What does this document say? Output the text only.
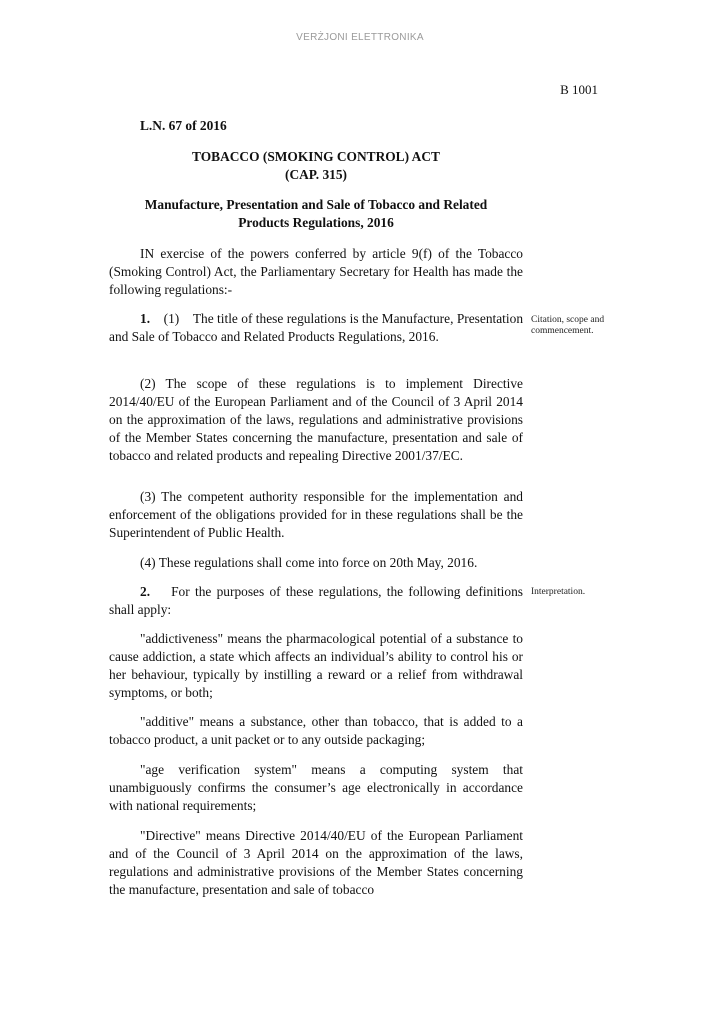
VERŻJONI ELETTRONIKA
B 1001
L.N. 67 of 2016
TOBACCO (SMOKING CONTROL) ACT
(CAP. 315)
Manufacture, Presentation and Sale of Tobacco and Related
Products Regulations, 2016

IN exercise of the powers conferred by article 9(f) of the Tobacco (Smoking Control) Act, the Parliamentary Secretary for Health has made the following regulations:-

1. (1) The title of these regulations is the Manufacture, Presentation and Sale of Tobacco and Related Products Regulations, 2016.

Citation, scope and commencement.

(2) The scope of these regulations is to implement Directive 2014/40/EU of the European Parliament and of the Council of 3 April 2014 on the approximation of the laws, regulations and administrative provisions of the Member States concerning the manufacture, presentation and sale of tobacco and related products and repealing Directive 2001/37/EC.

(3) The competent authority responsible for the implementation and enforcement of the obligations provided for in these regulations shall be the Superintendent of Public Health.

(4) These regulations shall come into force on 20th May, 2016.

2. For the purposes of these regulations, the following definitions shall apply:

Interpretation.

"addictiveness" means the pharmacological potential of a substance to cause addiction, a state which affects an individual’s ability to control his or her behaviour, typically by instilling a reward or a relief from withdrawal symptoms, or both;

"additive" means a substance, other than tobacco, that is added to a tobacco product, a unit packet or to any outside packaging;

"age verification system" means a computing system that unambiguously confirms the consumer’s age electronically in accordance with national requirements;

"Directive" means Directive 2014/40/EU of the European Parliament and of the Council of 3 April 2014 on the approximation of the laws, regulations and administrative provisions of the Member States concerning the manufacture, presentation and sale of tobacco
